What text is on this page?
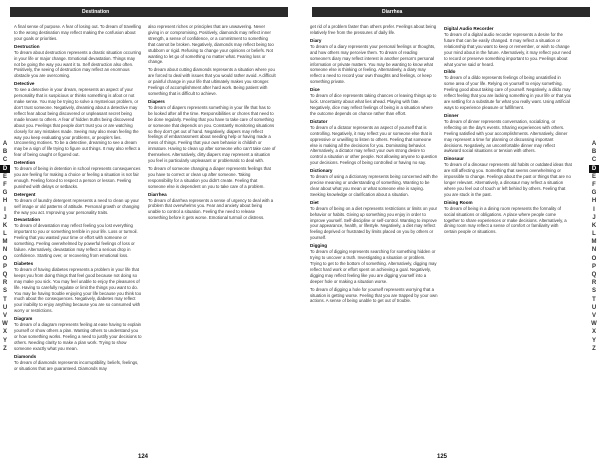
Destination

A final sense of purpose. A fear of losing out. To dream of travelling to the wrong destination may reflect making the confusion about your goals or priorities.

Destruction

To dream about destruction represents a drastic situation occurring in your life or major change. Emotional devastation. Things may not be going the way you want it to. Self destruction also often. Positively, the seeing of destruction may reflect an enormous obstacle you are overcoming.

Detective

To see a detective in your dream, represents an aspect of your personality that is suspicious or thinks something is afoot or not make sense. You may be trying to solve a mysterious problem, or don't trust someone. Negatively, dreaming about a detective may reflect fear about being discovered or unpleasant secret being made known to others. A fear of hidden truths being discovered about you. Feelings that people don't trust you or are watching closely for any mistakes made. Seeing may also mean feeling the way you keep evaluating your problems, or people's lies. Uncovering motives. To be a detective, dreaming to see a dream may be a sign of life trying to figure out things. It may also reflect a fear of being caught or figured out.

Detention

To dream of being in detention in school represents consequences you are feeling for making a choice or feeling a situation is not fair enough. Feeling forced to respect a person or lesson. Feeling punished with delays or setbacks.

Detergent

To dream of laundry detergent represents a need to clean up your self image or old patterns of attitude. Personal growth or changing the way you act. Improving your personality traits.

Devastation

To dream of devastation may reflect feeling you lost everything important to you or something terrible in your life. Loss or turmoil. Feeling that you wasted your time or effort with someone or something. Feeling overwhelmed by powerful feelings of loss or failure. Alternatively, devastation may reflect a serious drop in confidence. Starting over, or recovering from emotional loss.

Diabetes

To dream of having diabetes represents a problem in your life that keeps you from doing things that feel good because not doing so may make you sick. You may feel unable to enjoy the pleasures of life. Having to carefully regulate or limit the things you want to do. You may be having trouble enjoying your life because you think too much about the consequences. Negatively, diabetes may reflect your inability to enjoy anything because you are so consumed with worry or restrictions.

Diagram

To dream of a diagram represents feeling at ease having to explain yourself or show others a plan. Wanting others to understand you or how something works. Feeling a need to justify your decisions to others. Needing clarity to make a plan work. Trying to show someone exactly what you mean.

Diamonds

To dream of diamonds represents incorruptibility, beliefs, feelings, or situations that are guaranteed. Diamonds may

also represent riches or principles that are unwavering. Never giving in or compromising. Positively, diamonds may reflect inner strength, a sense of confidence, or a commitment to something that cannot be broken. Negatively, diamonds may reflect being too stubborn or rigid. Refusing to change your opinions or beliefs. Not wanting to let go of something no matter what. Fearing loss or change.

To dream about cutting diamonds represents a situation where you are forced to deal with issues that you would rather avoid. A difficult or painful change in your life that ultimately makes you stronger. Feelings of accomplishment after hard work. Being patient with something that is difficult to achieve.

Diapers

To dream of diapers represents something in your life that has to be looked after all the time. Responsibilities or chores that need to be done regularly. Feeling that you have to take care of something or someone that depends on you. Constantly monitoring situations so they don't get out of hand. Negatively, diapers may reflect feelings of embarrassment about needing help or having made a mess of things. Feeling that your own behavior is childish or immature. Having to clean up after someone who can't take care of themselves. Alternatively, dirty diapers may represent a situation you feel is particularly unpleasant or problematic to deal with.

To dream of someone changing a diaper represents feelings that you have to correct or clean up after someone. Taking responsibility for a situation you didn't create. Feeling that someone else is dependent on you to take care of a problem.

Diarrhea

To dream of diarrhea represents a sense of urgency to deal with a problem that overwhelms you. Fear and anxiety about being unable to control a situation. Feeling the need to release something before it gets worse. Emotional turmoil or distress.

124
Diarrhea

get rid of a problem faster than others prefer. Feelings about being relatively free from the pressures of daily life.

Diary

To dream of a diary represents your personal feelings or thoughts, and how others may perceive them. To dream of reading someone's diary may reflect interest in another person's personal information or private matters. You may be wanting to know what someone else is thinking or feeling. Alternatively, a diary may reflect a need to record your own thoughts and feelings, or keep something private.

Dice

To dream of dice represents taking chances or leaving things up to luck. Uncertainty about what lies ahead. Playing with fate. Negatively, dice may reflect feelings of being in a situation where the outcome depends on chance rather than effort.

Dictator

To dream of a dictator represents an aspect of yourself that is controlling. Negatively, it may reflect you or someone else that is oppressive or unwilling to listen to others. Feeling that someone else is making all the decisions for you. Dominating behavior. Alternatively, a dictator may reflect your own strong desire to control a situation or other people. Not allowing anyone to question your decisions. Feelings of being controlled or having no say.

Dictionary

To dream of using a dictionary represents being concerned with the precise meaning or understanding of something. Wanting to be clear about what you mean or what someone else is saying. Seeking knowledge or clarification about a situation.

Diet

To dream of being on a diet represents restrictions or limits on your behavior or habits. Giving up something you enjoy in order to improve yourself. Self-discipline or self-control. Wanting to improve your appearance, health, or lifestyle. Negatively, a diet may reflect feeling deprived or frustrated by limits placed on you by others or yourself.

Digging

To dream of digging represents searching for something hidden or trying to uncover a truth. Investigating a situation or problem. Trying to get to the bottom of something. Alternatively, digging may reflect hard work or effort spent on achieving a goal. Negatively, digging may reflect feeling like you are digging yourself into a deeper hole or making a situation worse.

To dream of digging a hole for yourself represents worrying that a situation is getting worse. Feeling that you are trapped by your own actions. A sense of being unable to get out of trouble.

Digital Audio Recorder

To dream of a digital audio recorder represents a desire for the future that can be easily changed. It may reflect a situation or relationship that you want to keep or remember, or wish to change your mind about in the future. Alternatively, it may reflect your need to record or preserve something important to you. Feelings about what you've said or heard.

Dildo

To dream of a dildo represents feelings of being unsatisfied in some area of your life. Relying on yourself to enjoy something. Feeling good about taking care of yourself. Negatively, a dildo may reflect feeling that you are lacking something in your life or that you are settling for a substitute for what you really want. Using artificial ways to experience pleasure or fulfillment.

Dinner

To dream of dinner represents conversation, socializing, or reflecting on the day's events. Sharing experiences with others. Feeling satisfied with your accomplishments. Alternatively, dinner may represent a time for planning or discussing important decisions. Negatively, an uncomfortable dinner may reflect awkward social situations or tension with others.

Dinosaur

To dream of a dinosaur represents old habits or outdated ideas that are still affecting you. Something that seems overwhelming or impossible to change. Feelings about the past or things that are no longer relevant. Alternatively, a dinosaur may reflect a situation where you feel out of touch or left behind by others. Feeling that you are stuck in the past.

Dining Room

To dream of being in a dining room represents the formality of social situations or obligations. A place where people come together to share experiences or make decisions. Alternatively, a dining room may reflect a sense of comfort or familiarity with certain people or situations.

125
A
B
C
D
E
F
G
H
I
J
K
L
M
N
O
P
Q
R
S
T
U
V
W
X
Y
Z
A
B
C
D
E
F
G
H
I
J
K
L
M
N
O
P
Q
R
S
T
U
V
W
X
Y
Z
